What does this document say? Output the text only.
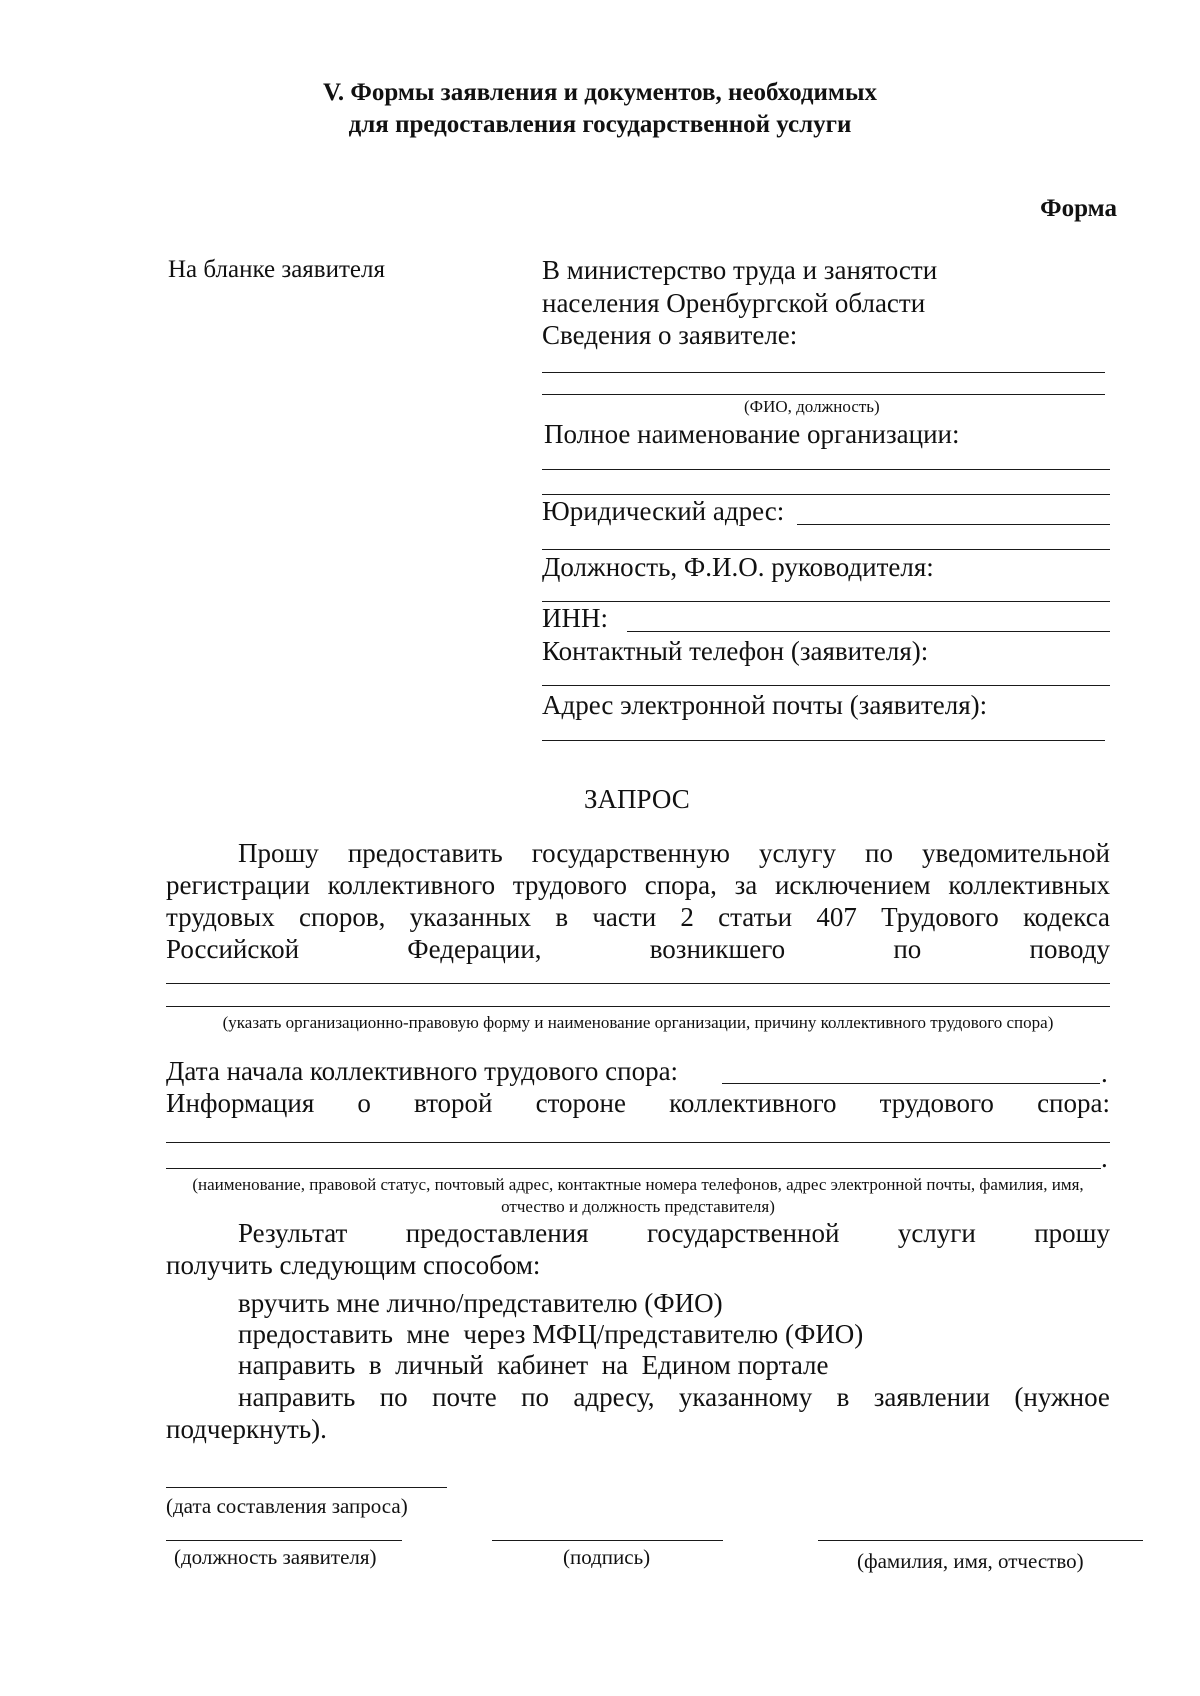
V. Формы заявления и документов, необходимых
для предоставления государственной услуги
Форма
На бланке заявителя	В министерство труда и занятости
населения Оренбургской области
Сведения о заявителе:
(ФИО, должность)
Полное наименование организации:
Юридический адрес:
Должность, Ф.И.О. руководителя:
ИНН:
Контактный телефон (заявителя):
Адрес электронной почты (заявителя):
ЗАПРОС
Прошу предоставить государственную услугу по уведомительной
регистрации коллективного трудового спора, за исключением коллективных
трудовых споров, указанных в части 2 статьи 407 Трудового кодекса
Российской	Федерации,	возникшего	по	поводу
(указать организационно-правовую форму и наименование организации, причину коллективного трудового спора)
Дата начала коллективного трудового спора:	.
Информация о второй стороне коллективного трудового спора:
.
(наименование, правовой статус, почтовый адрес, контактные номера телефонов, адрес электронной почты, фамилия, имя, отчество и должность представителя)
Результат предоставления государственной услуги прошу
получить следующим способом:
вручить мне лично/представителю (ФИО)
предоставить  мне  через МФЦ/представителю (ФИО)
направить  в  личный  кабинет  на  Едином портале
направить по почте по адресу, указанному в заявлении (нужное
подчеркнуть).
(дата составления запроса)
(должность заявителя)	(подпись)	(фамилия, имя, отчество)
